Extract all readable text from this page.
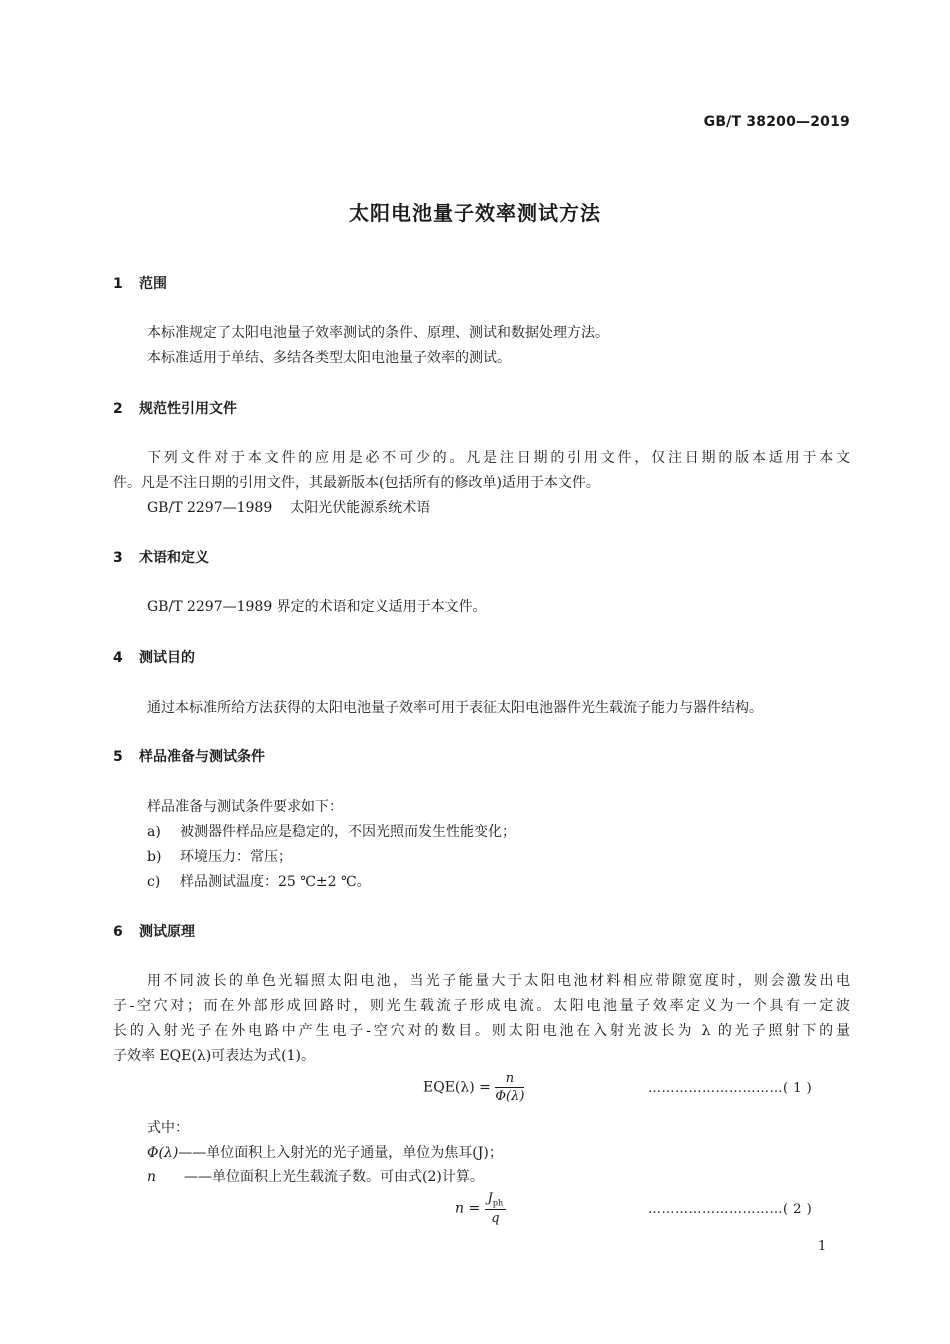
GB/T 38200—2019
太阳电池量子效率测试方法
1 范围
本标准规定了太阳电池量子效率测试的条件、原理、测试和数据处理方法。
本标准适用于单结、多结各类型太阳电池量子效率的测试。
2 规范性引用文件
下列文件对于本文件的应用是必不可少的。凡是注日期的引用文件，仅注日期的版本适用于本文
件。凡是不注日期的引用文件，其最新版本(包括所有的修改单)适用于本文件。
GB/T 2297—1989 太阳光伏能源系统术语
3 术语和定义
GB/T 2297—1989 界定的术语和定义适用于本文件。
4 测试目的
通过本标准所给方法获得的太阳电池量子效率可用于表征太阳电池器件光生载流子能力与器件结构。
5 样品准备与测试条件
样品准备与测试条件要求如下：
a) 被测器件样品应是稳定的，不因光照而发生性能变化；
b) 环境压力：常压；
c) 样品测试温度：25 ℃±2 ℃。
6 测试原理
用不同波长的单色光辐照太阳电池，当光子能量大于太阳电池材料相应带隙宽度时，则会激发出电
子-空穴对；而在外部形成回路时，则光生载流子形成电流。太阳电池量子效率定义为一个具有一定波
长的入射光子在外电路中产生电子-空穴对的数目。则太阳电池在入射光波长为 λ 的光子照射下的量
子效率 EQE(λ)可表达为式(1)。
$EQE(\lambda) = \frac{n}{\Phi(\lambda)}$	…………………………( 1 )
式中：
Φ(λ)——单位面积上入射光的光子通量，单位为焦耳(J)；
n ——单位面积上光生载流子数。可由式(2)计算。
$n = \frac{J_{ph}}{q}$	…………………………( 2 )
1
